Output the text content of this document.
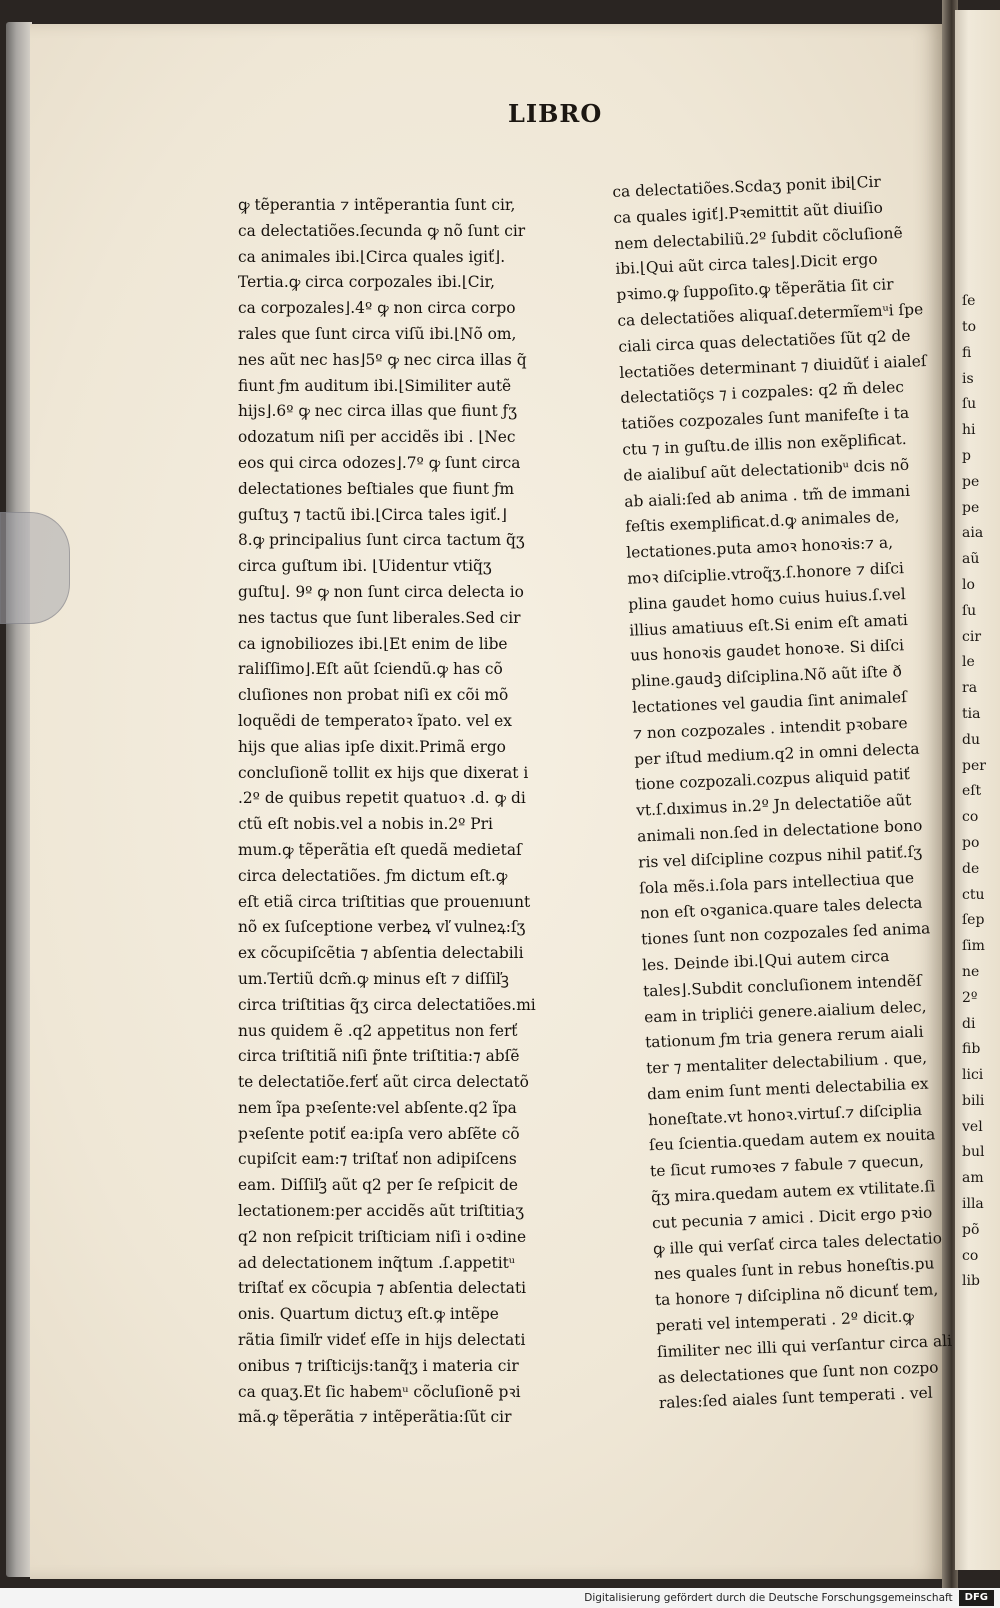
LIBRO
ꝙ tẽperantia ⁊ intẽperantia ſunt cir,
ca delectatiões.ſecunda ꝙ nõ ſunt cir
ca animales ibi.⌊Circa quales igiť⌋.
Tertia.ꝙ circa corpozales ibi.⌊Cir,
ca corpozales⌋.4º ꝙ non circa corpo
rales que ſunt circa viſũ ibi.⌊Nõ om,
nes aũt nec has⌋5º ꝙ nec circa illas q̃
fiunt ƒm auditum ibi.⌊Similiter autẽ
hijs⌋.6º ꝙ nec circa illas que fiunt ƒʒ
odozatum niſi per accidẽs ibi . ⌊Nec
eos qui circa odozes⌋.7º ꝙ ſunt circa
delectationes beſtiales que fiunt ƒm
guſtuʒ ⁊ tactũ ibi.⌊Circa tales igiť.⌋
8.ꝙ principalius ſunt circa tactum q̃ʒ
circa guſtum ibi. ⌊Uidentur vtiq̃ʒ
guſtu⌋. 9º ꝙ non ſunt circa delecta io
nes tactus que ſunt liberales.Sed cir
ca ignobiliozes ibi.⌊Et enim de libe
raliſſimo⌋.Eſt aũt ſciendũ.ꝙ has cõ
cluſiones non probat niſi ex cõi mõ
loquẽdi de temperatoꝛ ĩpato. vel ex
hijs que alias ipſe dixit.Primã ergo
concluſionẽ tollit ex hijs que dixerat i
.2º de quibus repetit quatuoꝛ .d. ꝙ di
ctũ eſt nobis.vel a nobis in.2º Pri
mum.ꝙ tẽperãtia eſt quedã medietaſ
circa delectatiões. ƒm dictum eſt.ꝙ
eſt etiã circa triſtitias que prouenıunt
nõ ex ſuſceptione verbeꝝ vľ vulneꝝ:ſʒ
ex cõcupiſcẽtia ⁊ abſentia delectabili
um.Tertiũ dcm̃.ꝙ minus eſt ⁊ diſſiľꝫ
circa triſtitias q̃ʒ circa delectatiões.mi
nus quidem ẽ .q2 appetitus non ferť
circa triſtitiã niſi p̃nte triſtitia:⁊ abſẽ
te delectatiõe.ferť aũt circa delectatõ
nem ĩpa pꝛeſente:vel abſente.q2 ĩpa
pꝛeſente potiť ea:ipſa vero abſẽte cõ
cupiſcit eam:⁊ triſtať non adipiſcens
eam. Diſſiľꝫ aũt q2 per ſe reſpicit de
lectationem:per accidẽs aũt triſtitiaʒ
q2 non reſpicit triſticiam niſi i oꝛdine
ad delectationem inq̃tum .ſ.appetitᵘ
triſtať ex cõcupia ⁊ abſentia delectati
onis. Quartum dictuʒ eſt.ꝙ intẽpe
rãtia ſimiľr videť eſſe in hijs delectati
onibus ⁊ triſticijs:tanq̃ʒ i materia cir
ca quaʒ.Et ſic habemᵘ cõcluſionẽ pꝛi
mã.ꝙ tẽperãtia ⁊ intẽperãtia:ſũt cir
ca delectatiões.Scdaʒ ponit ibi⌊Cir
ca quales igiť⌋.Pꝛemittit aũt diuiſio
nem delectabiliũ.2º ſubdit cõcluſionẽ
ibi.⌊Qui aũt circa tales⌋.Dicit ergo
pꝛimo.ꝙ ſuppoſito.ꝙ tẽperãtia ſit cir
ca delectatiões aliquaſ.determĩemᵘi ſpe
ciali circa quas delectatiões ſũt q2 de
lectatiões determinant ⁊ diuidũť i aialeſ
delectatiõçs ⁊ i cozpales: q2 m̃ delec
tatiões cozpozales ſunt manifeſte i ta
ctu ⁊ in guſtu.de illis non exẽplificat.
de aialibuſ aũt delectationibᵘ dcis nõ
ab aiali:ſed ab anima . tm̃ de immani
feſtis exemplificat.d.ꝙ animales de,
lectationes.puta amoꝛ honoꝛis:⁊ a,
moꝛ diſciplie.vtroq̃ʒ.ſ.honore ⁊ diſci
plina gaudet homo cuius huius.ſ.vel
illius amatiuus eſt.Si enim eſt amati
uus honoꝛis gaudet honoꝛe. Si diſci
pline.gaudꝫ diſciplina.Nõ aũt iſte ð
lectationes vel gaudia ſint animaleſ
⁊ non cozpozales . intendit pꝛobare
per iſtud medium.q2 in omni delecta
tione cozpozali.cozpus aliquid patiť
vt.ſ.dıximus in.2º Jn delectatiõe aũt
animali non.ſed in delectatione bono
ris vel diſcipline cozpus nihil patiť.ſʒ
ſola mẽs.i.ſola pars intellectiua que
non eſt oꝛganica.quare tales delecta
tiones ſunt non cozpozales ſed anima
les. Deinde ibi.⌊Qui autem circa
tales⌋.Subdit concluſionem intendẽſ
eam in tripliċi genere.aialium delec,
tationum ƒm tria genera rerum aiali
ter ⁊ mentaliter delectabilium . que,
dam enim ſunt menti delectabilia ex
honeſtate.vt honoꝛ.virtuſ.⁊ diſciplia
ſeu ſcientia.quedam autem ex nouita
te ſicut rumoꝛes ⁊ fabule ⁊ quecun,
q̃ʒ mira.quedam autem ex vtilitate.ſi
cut pecunia ⁊ amici . Dicit ergo pꝛio
ꝙ ille qui verſať circa tales delectatio
nes quales ſunt in rebus honeſtis.pu
ta honore ⁊ diſciplina nõ dicunť tem,
perati vel intemperati . 2º dicit.ꝙ
ſimiliter nec illi qui verſantur circa ali
as delectationes que ſunt non cozpo
rales:ſed aiales ſunt temperati . vel
ſe
to
fi
is
ſu
hi
p
pe
pe
aia
aũ
lo
ſu
cir
le
ra
tia
du
per
eſt
co
po
de
ctu
ſep
ſim
ne
2º
di
fib
lici
bili
vel
bul
am
illa
põ
co
lib
Digitalisierung gefördert durch die Deutsche Forschungsgemeinschaft DFG
